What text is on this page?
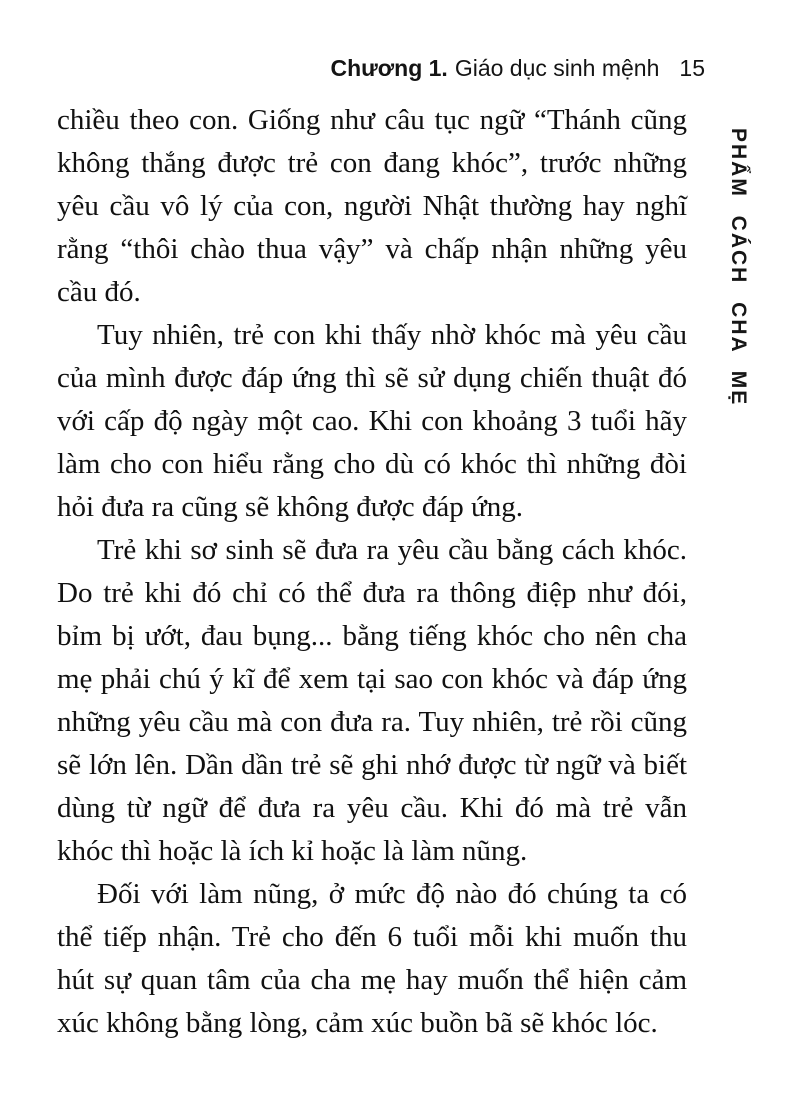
Chương 1. Giáo dục sinh mệnh 15
PHẨM CÁCH CHA MẸ

chiều theo con. Giống như câu tục ngữ “Thánh cũng không thắng được trẻ con đang khóc”, trước những yêu cầu vô lý của con, người Nhật thường hay nghĩ rằng “thôi chào thua vậy” và chấp nhận những yêu cầu đó.

Tuy nhiên, trẻ con khi thấy nhờ khóc mà yêu cầu của mình được đáp ứng thì sẽ sử dụng chiến thuật đó với cấp độ ngày một cao. Khi con khoảng 3 tuổi hãy làm cho con hiểu rằng cho dù có khóc thì những đòi hỏi đưa ra cũng sẽ không được đáp ứng.

Trẻ khi sơ sinh sẽ đưa ra yêu cầu bằng cách khóc. Do trẻ khi đó chỉ có thể đưa ra thông điệp như đói, bỉm bị ướt, đau bụng... bằng tiếng khóc cho nên cha mẹ phải chú ý kĩ để xem tại sao con khóc và đáp ứng những yêu cầu mà con đưa ra. Tuy nhiên, trẻ rồi cũng sẽ lớn lên. Dần dần trẻ sẽ ghi nhớ được từ ngữ và biết dùng từ ngữ để đưa ra yêu cầu. Khi đó mà trẻ vẫn khóc thì hoặc là ích kỉ hoặc là làm nũng.

Đối với làm nũng, ở mức độ nào đó chúng ta có thể tiếp nhận. Trẻ cho đến 6 tuổi mỗi khi muốn thu hút sự quan tâm của cha mẹ hay muốn thể hiện cảm xúc không bằng lòng, cảm xúc buồn bã sẽ khóc lóc.
